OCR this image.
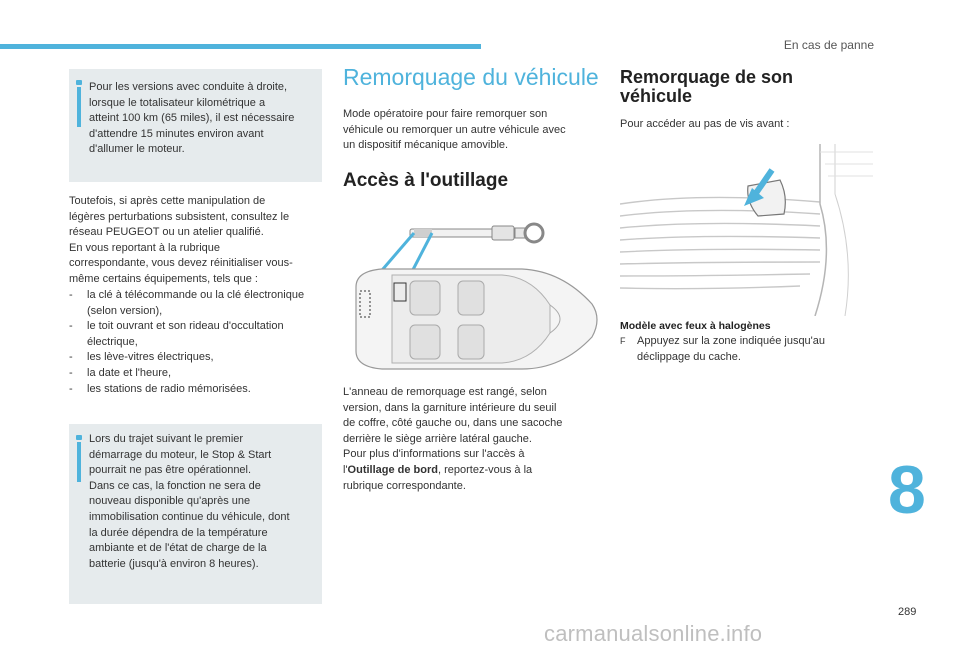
En cas de panne

Pour les versions avec conduite à droite,
lorsque le totalisateur kilométrique a
atteint 100 km (65 miles), il est nécessaire
d'attendre 15 minutes environ avant
d'allumer le moteur.

Toutefois, si après cette manipulation de
légères perturbations subsistent, consultez le
réseau PEUGEOT ou un atelier qualifié.
En vous reportant à la rubrique
correspondante, vous devez réinitialiser vous-
même certains équipements, tels que :

- la clé à télécommande ou la clé électronique (selon version),
- le toit ouvrant et son rideau d'occultation électrique,
- les lève-vitres électriques,
- la date et l'heure,
- les stations de radio mémorisées.

Lors du trajet suivant le premier
démarrage du moteur, le Stop & Start
pourrait ne pas être opérationnel.
Dans ce cas, la fonction ne sera de
nouveau disponible qu'après une
immobilisation continue du véhicule, dont
la durée dépendra de la température
ambiante et de l'état de charge de la
batterie (jusqu'à environ 8 heures).

Remorquage du véhicule

Mode opératoire pour faire remorquer son
véhicule ou remorquer un autre véhicule avec
un dispositif mécanique amovible.

Accès à l'outillage

L'anneau de remorquage est rangé, selon
version, dans la garniture intérieure du seuil
de coffre, côté gauche ou, dans une sacoche
derrière le siège arrière latéral gauche.
Pour plus d'informations sur l'accès à
l'Outillage de bord, reportez-vous à la
rubrique correspondante.

Remorquage de son
véhicule

Pour accéder au pas de vis avant :

Modèle avec feux à halogènes

F	Appuyez sur la zone indiquée jusqu'au
déclippage du cache.
8
289
carmanualsonline.info
